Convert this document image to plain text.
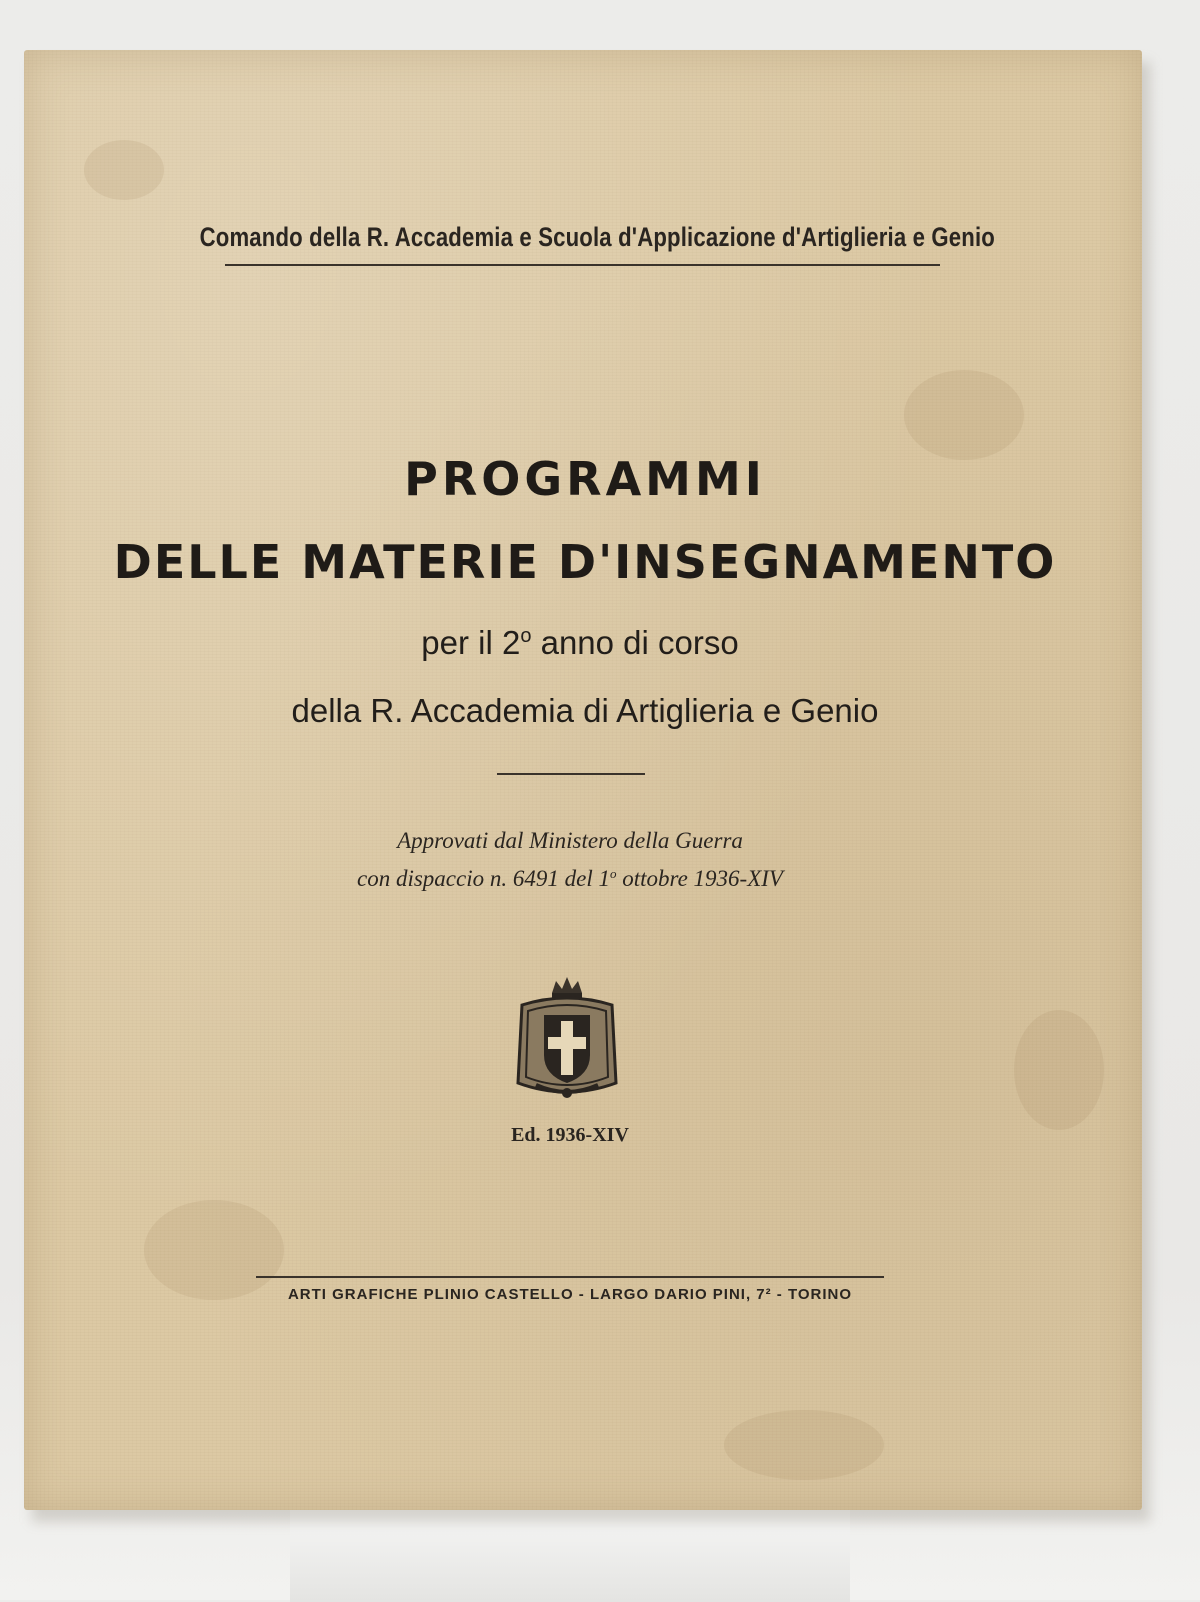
Comando della R. Accademia e Scuola d'Applicazione d'Artiglieria e Genio
PROGRAMMI
DELLE MATERIE D'INSEGNAMENTO
per il 2$^o$ anno di corso
della R. Accademia di Artiglieria e Genio
Approvati dal Ministero della Guerra
con dispaccio n. 6491 del 1$^o$ ottobre 1936-XIV
Ed. 1936-XIV
ARTI GRAFICHE PLINIO CASTELLO - LARGO DARIO PINI, 7² - TORINO
